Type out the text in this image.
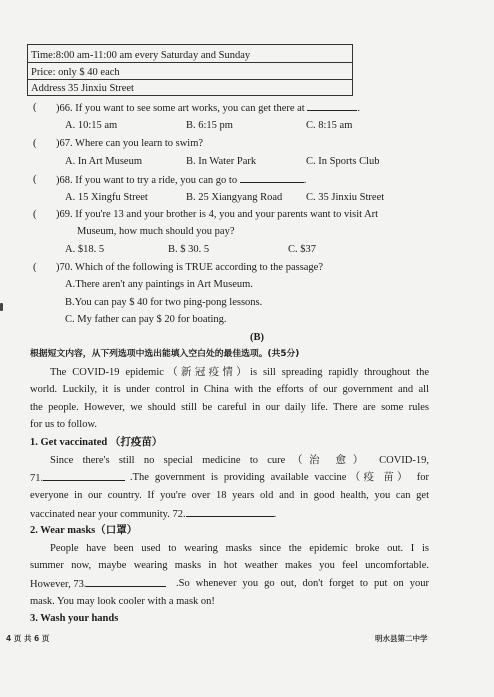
Time:8:00 am-11:00 am every Saturday and Sunday
Price: only $ 40 each
Address 35 Jinxiu Street
( )66. If you want to see some art works, you can get there at	.
A. 10:15 am	B. 6:15 pm	C. 8:15 am
( )67. Where can you learn to swim?
A. In Art Museum	B. In Water Park	C. In Sports Club
( )68. If you want to try a ride, you can go to	.
A. 15 Xingfu Street	B. 25 Xiangyang Road C. 35 Jinxiu Street
( )69. If you're 13 and your brother is 4, you and your parents want to visit Art
Museum, how much should you pay?
A. $18. 5	B. $ 30. 5	C. $37
( )70. Which of the following is TRUE according to the passage?
A.There aren't any paintings in Art Museum.
B.You can pay $ 40 for two ping-pong lessons.
C. My father can pay $ 20 for boating.
(B)
根据短文内容，从下列选项中选出能填入空白处的最佳选项。(共5分)
The COVID-19 epidemic（新冠疫情）is sill spreading rapidly throughout the
world. Luckily, it is under control in China with the efforts of our government and all
the people. However, we should still be careful in our daily life. There are some rules
for us to follow.
1. Get vaccinated （打疫苗）
Since there's still no special medicine to cure（治 愈） COVID-19,
71.	.The government is providing available vaccine（疫 苗） for
everyone in our country. If you're over 18 years old and in good health, you can get
vaccinated near your community. 72.	.
2. Wear masks（口罩）
People have been used to wearing masks since the epidemic broke out. I is
summer now, maybe wearing masks in hot weather makes you feel uncomfortable.
However, 73.	.So whenever you go out, don't forget to put on your
mask. You may look cooler with a mask on!
3. Wash your hands
4 页 共 6 页	明水县第二中学
